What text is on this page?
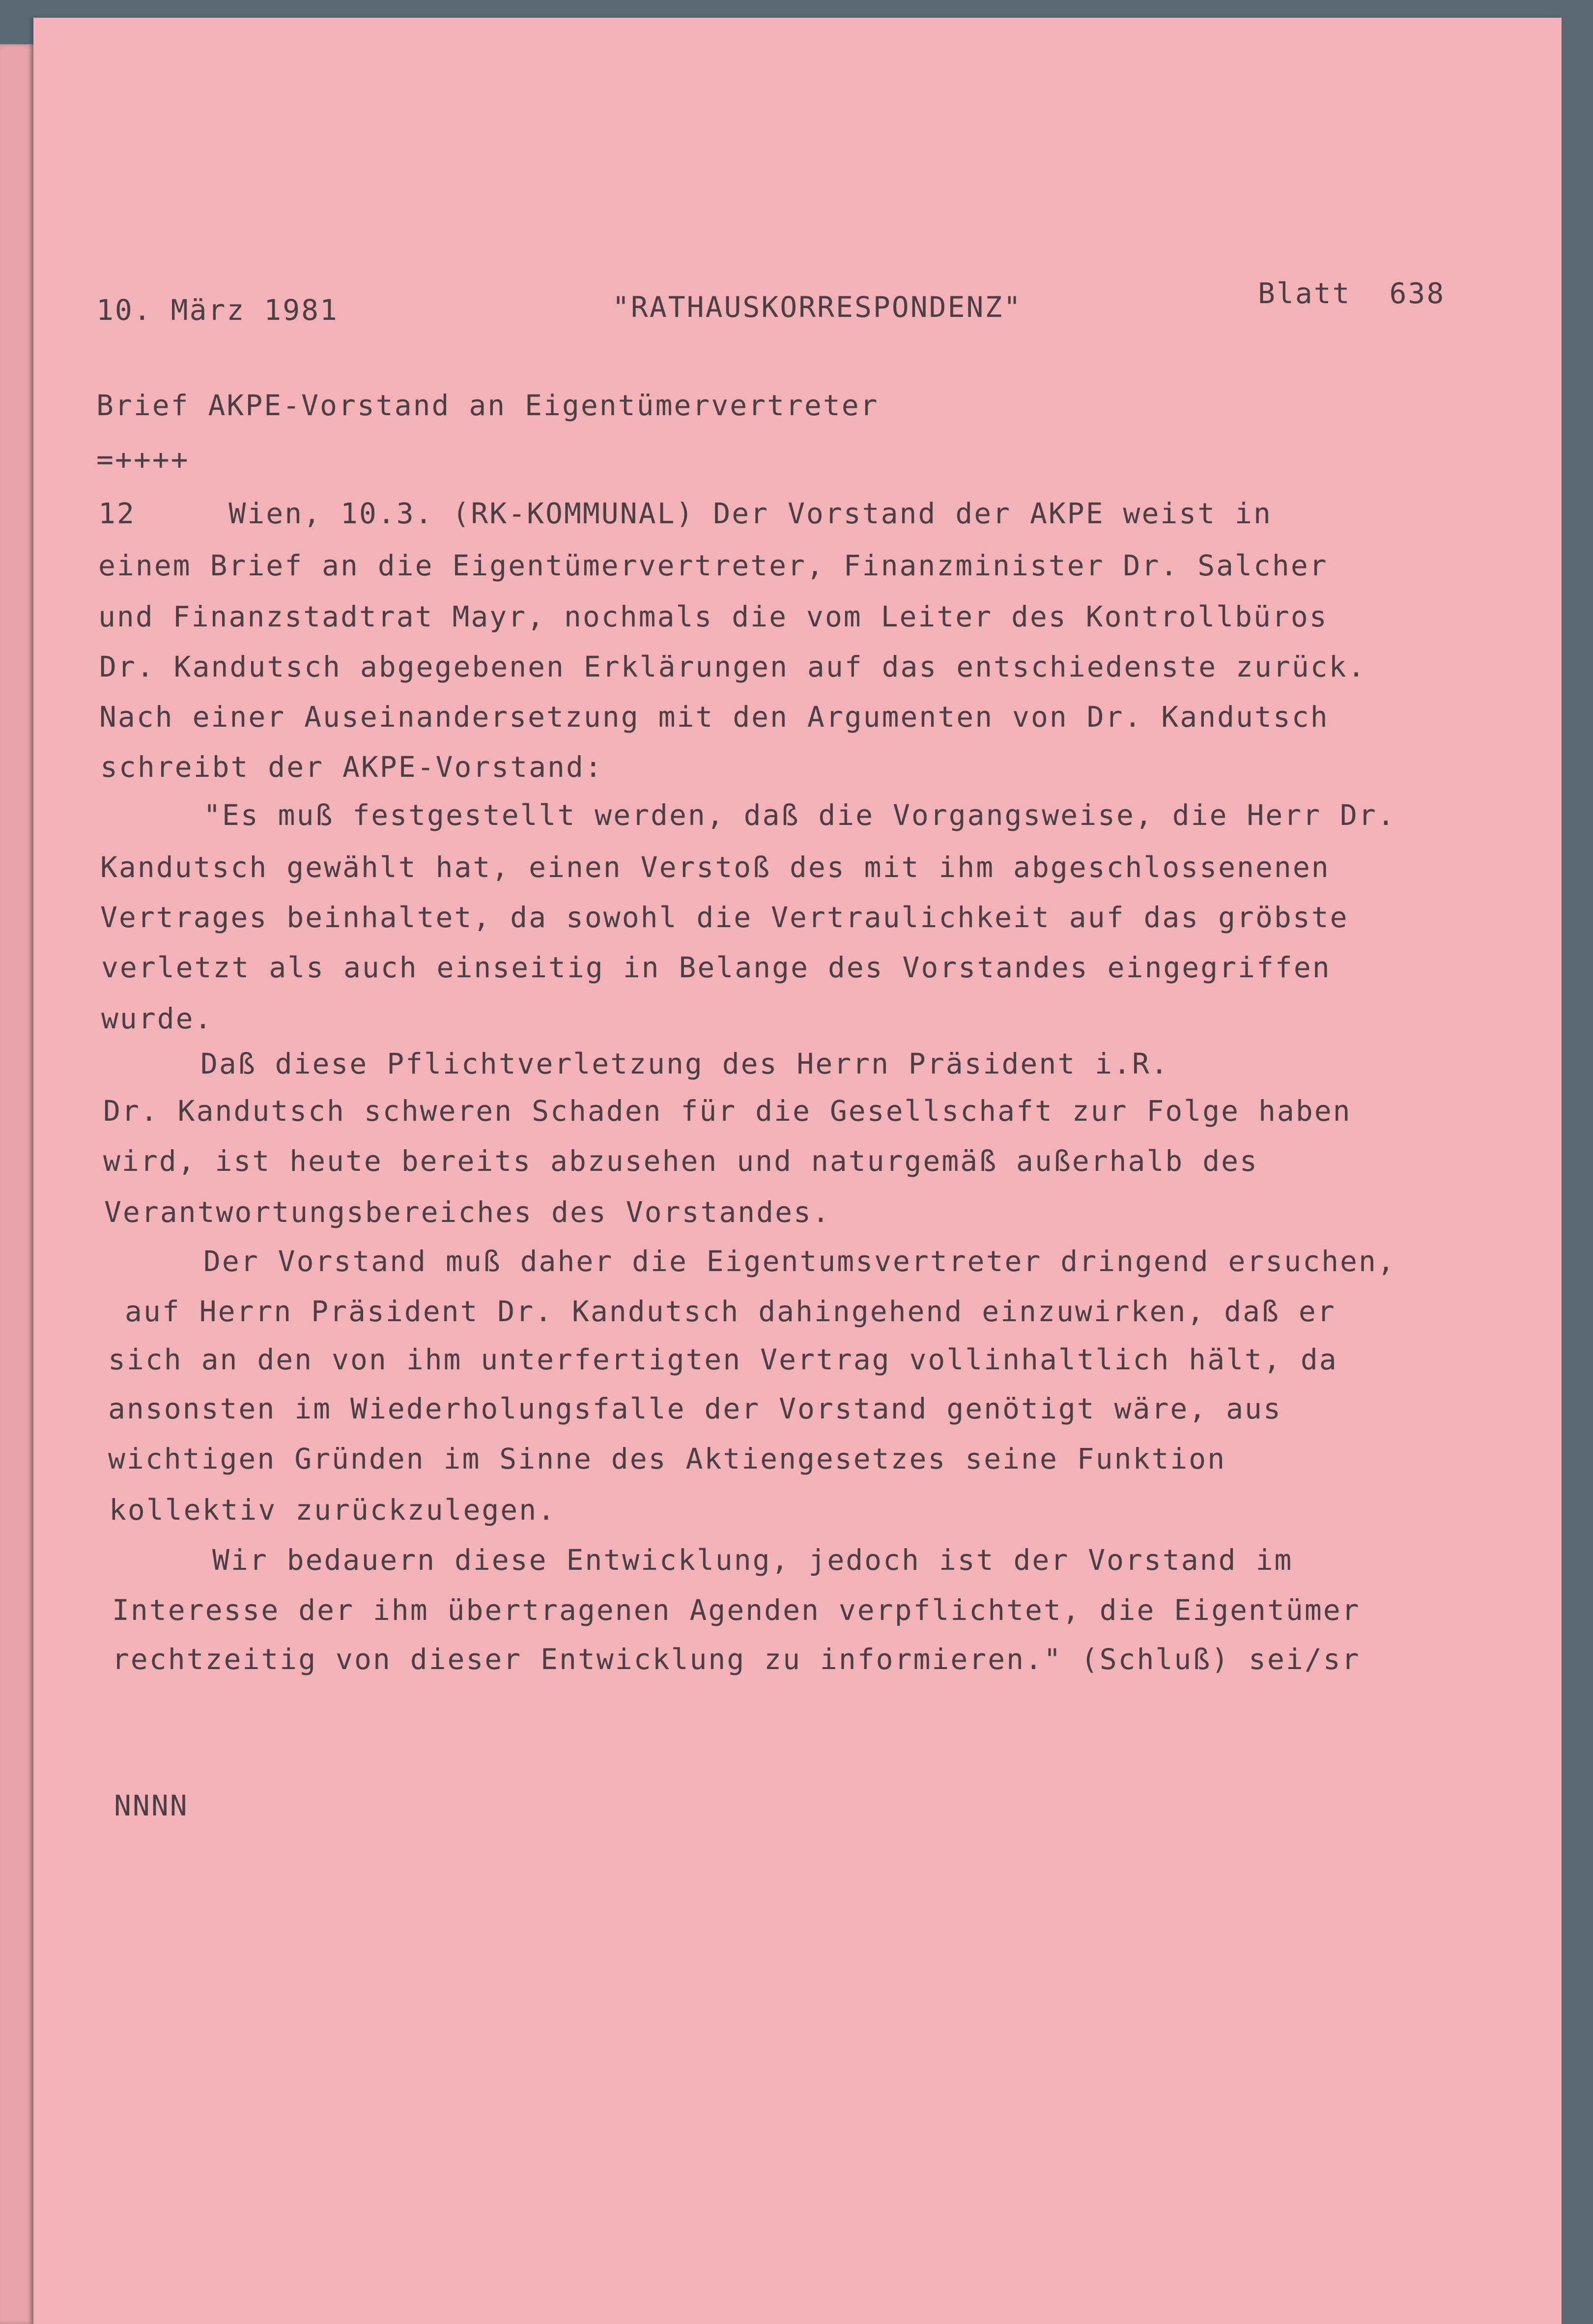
10. März 1981	"RATHAUSKORRESPONDENZ"	Blatt 638
Brief AKPE-Vorstand an Eigentümervertreter
=++++
12     Wien, 10.3. (RK-KOMMUNAL) Der Vorstand der AKPE weist in
einem Brief an die Eigentümervertreter, Finanzminister Dr. Salcher
und Finanzstadtrat Mayr, nochmals die vom Leiter des Kontrollbüros
Dr. Kandutsch abgegebenen Erklärungen auf das entschiedenste zurück.
Nach einer Auseinandersetzung mit den Argumenten von Dr. Kandutsch
schreibt der AKPE-Vorstand:
"Es muß festgestellt werden, daß die Vorgangsweise, die Herr Dr.
Kandutsch gewählt hat, einen Verstoß des mit ihm abgeschlossenenen
Vertrages beinhaltet, da sowohl die Vertraulichkeit auf das gröbste
verletzt als auch einseitig in Belange des Vorstandes eingegriffen
wurde.
Daß diese Pflichtverletzung des Herrn Präsident i.R.
Dr. Kandutsch schweren Schaden für die Gesellschaft zur Folge haben
wird, ist heute bereits abzusehen und naturgemäß außerhalb des
Verantwortungsbereiches des Vorstandes.
Der Vorstand muß daher die Eigentumsvertreter dringend ersuchen,
auf Herrn Präsident Dr. Kandutsch dahingehend einzuwirken, daß er
sich an den von ihm unterfertigten Vertrag vollinhaltlich hält, da
ansonsten im Wiederholungsfalle der Vorstand genötigt wäre, aus
wichtigen Gründen im Sinne des Aktiengesetzes seine Funktion
kollektiv zurückzulegen.
Wir bedauern diese Entwicklung, jedoch ist der Vorstand im
Interesse der ihm übertragenen Agenden verpflichtet, die Eigentümer
rechtzeitig von dieser Entwicklung zu informieren." (Schluß) sei/sr
NNNN
